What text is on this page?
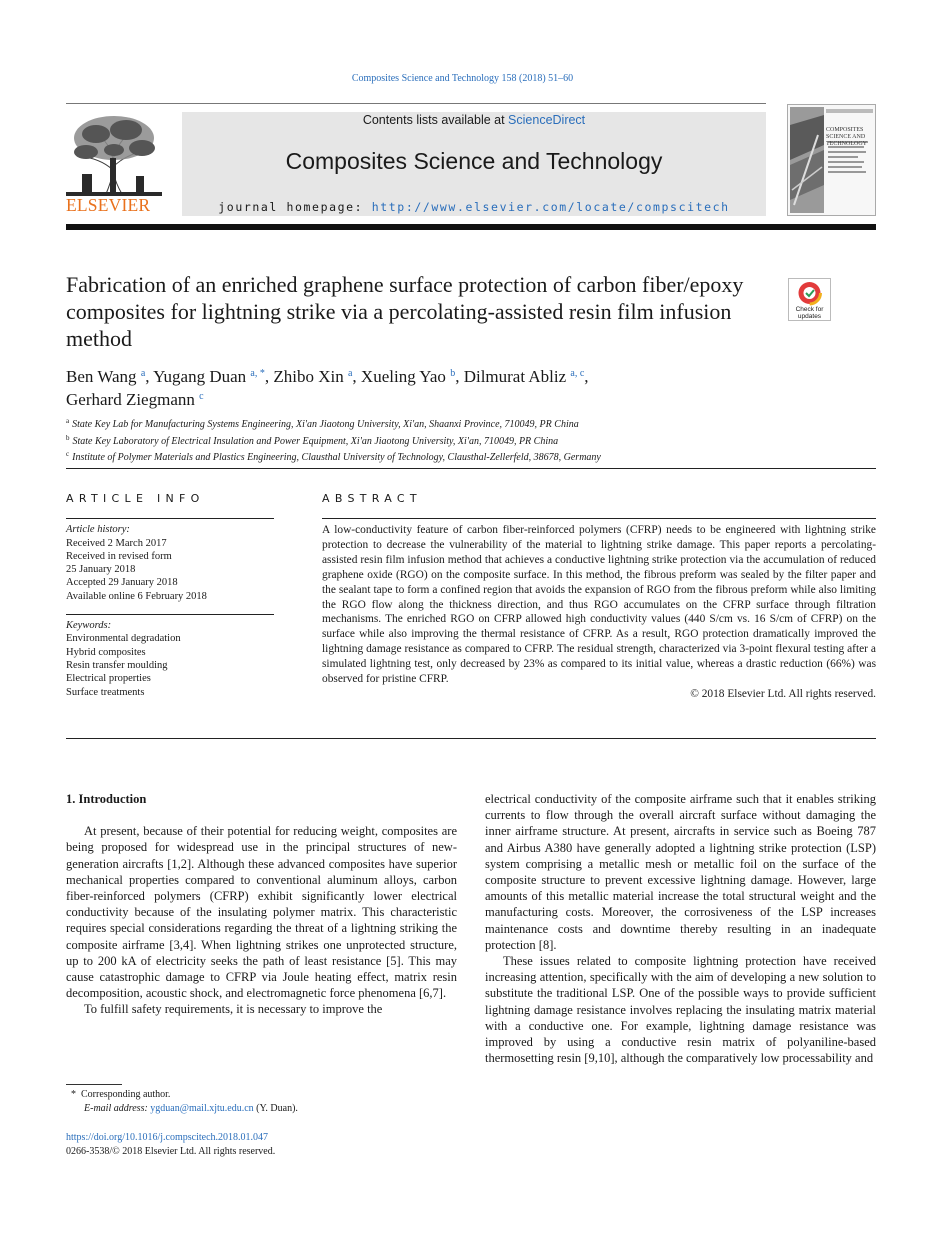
Composites Science and Technology 158 (2018) 51–60
ELSEVIER
Contents lists available at ScienceDirect
Composites Science and Technology
journal homepage: http://www.elsevier.com/locate/compscitech
COMPOSITES SCIENCE AND TECHNOLOGY
Fabrication of an enriched graphene surface protection of carbon fiber/epoxy composites for lightning strike via a percolating-assisted resin film infusion method
Check for updates
Ben Wang $^a$, Yugang Duan $^{a, *}$, Zhibo Xin $^a$, Xueling Yao $^b$, Dilmurat Abliz $^{a, c}$,
Gerhard Ziegmann $^c$
$^a$ State Key Lab for Manufacturing Systems Engineering, Xi'an Jiaotong University, Xi'an, Shaanxi Province, 710049, PR China
$^b$ State Key Laboratory of Electrical Insulation and Power Equipment, Xi'an Jiaotong University, Xi'an, 710049, PR China
$^c$ Institute of Polymer Materials and Plastics Engineering, Clausthal University of Technology, Clausthal-Zellerfeld, 38678, Germany
ARTICLE INFO
Article history:
Received 2 March 2017
Received in revised form
25 January 2018
Accepted 29 January 2018
Available online 6 February 2018
Keywords:
Environmental degradation
Hybrid composites
Resin transfer moulding
Electrical properties
Surface treatments
ABSTRACT
A low-conductivity feature of carbon fiber-reinforced polymers (CFRP) needs to be engineered with lightning strike protection to decrease the vulnerability of the material to lightning strike damage. This paper reports a percolating-assisted resin film infusion method that achieves a conductive lightning strike protection via the accumulation of reduced graphene oxide (RGO) on the composite surface. In this method, the fibrous preform was sealed by the filter paper and the sealant tape to form a confined region that avoids the expansion of RGO from the fibrous preform while also limiting the RGO flow along the thickness direction, and thus RGO accumulates on the CFRP surface through filtration mechanisms. The enriched RGO on CFRP allowed high conductivity values (440 S/cm vs. 16 S/cm of CFRP) on the surface while also improving the thermal resistance of CFRP. As a result, RGO protection dramatically improved the lightning damage resistance as compared to CFRP. The residual strength, characterized via 3-point flexural testing after a simulated lightning test, only decreased by 23% as compared to its initial value, whereas a drastic reduction (66%) was observed for pristine CFRP.
© 2018 Elsevier Ltd. All rights reserved.
1. Introduction

At present, because of their potential for reducing weight, composites are being proposed for widespread use in the principal structures of new-generation aircrafts [1,2]. Although these advanced composites have superior mechanical properties compared to conventional aluminum alloys, carbon fiber-reinforced polymers (CFRP) exhibit significantly lower electrical conductivity because of the insulating polymer matrix. This characteristic requires special considerations regarding the threat of a lightning striking the composite airframe [3,4]. When lightning strikes one unprotected structure, up to 200 kA of electricity seeks the path of least resistance [5]. This may cause catastrophic damage to CFRP via Joule heating effect, matrix resin decomposition, acoustic shock, and electromagnetic force phenomena [6,7].

To fulfill safety requirements, it is necessary to improve the

electrical conductivity of the composite airframe such that it enables striking currents to flow through the overall aircraft surface without damaging the inner airframe structure. At present, aircrafts in service such as Boeing 787 and Airbus A380 have generally adopted a lightning strike protection (LSP) system comprising a metallic mesh or metallic foil on the surface of the composite structure to prevent excessive lightning damage. However, large amounts of this metallic material increase the total structural weight and the manufacturing costs. Moreover, the corrosiveness of the LSP increases maintenance costs and downtime thereby resulting in an inadequate protection [8].

These issues related to composite lightning protection have received increasing attention, specifically with the aim of developing a new solution to substitute the traditional LSP. One of the possible ways to provide sufficient lightning damage resistance involves replacing the insulating matrix material with a conductive one. For example, lightning damage resistance was improved by using a conductive resin matrix of polyaniline-based thermosetting resin [9,10], although the comparatively low processability and

* Corresponding author.
E-mail address: ygduan@mail.xjtu.edu.cn (Y. Duan).
https://doi.org/10.1016/j.compscitech.2018.01.047
0266-3538/© 2018 Elsevier Ltd. All rights reserved.
